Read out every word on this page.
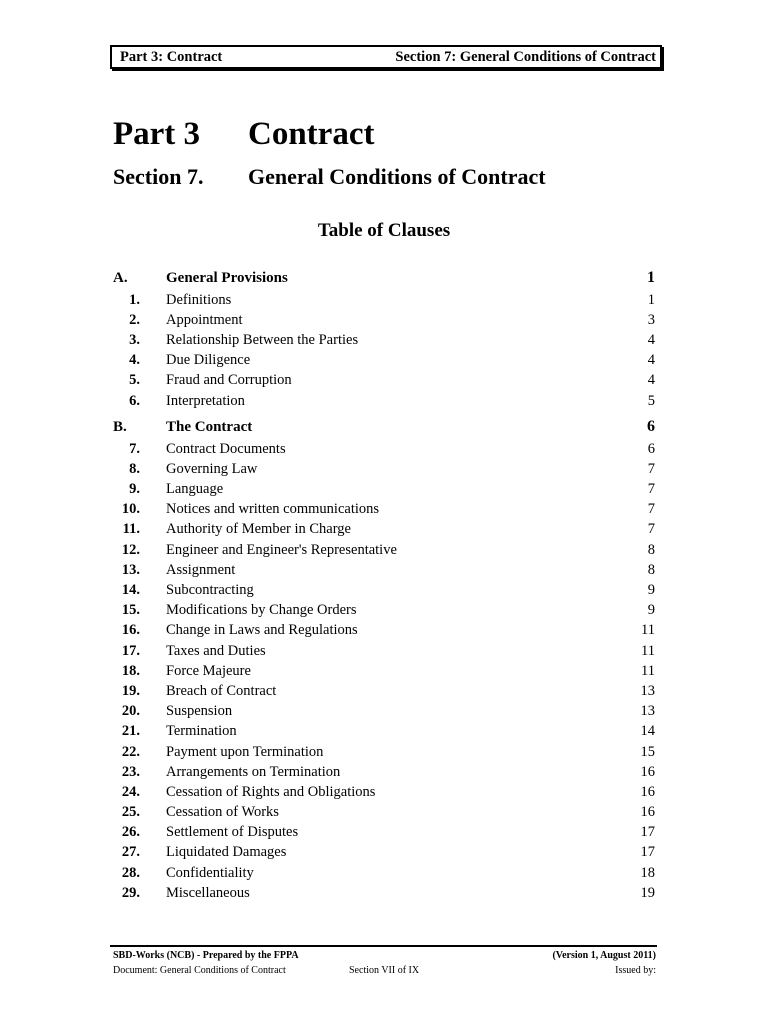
Part 3: Contract	Section 7: General Conditions of Contract
Part 3	Contract
Section 7.	General Conditions of Contract
Table of Clauses
A.	General Provisions	1
1.	Definitions	1
2.	Appointment	3
3.	Relationship Between the Parties	4
4.	Due Diligence	4
5.	Fraud and Corruption	4
6.	Interpretation	5
B.	The Contract	6
7.	Contract Documents	6
8.	Governing Law	7
9.	Language	7
10.	Notices and written communications	7
11.	Authority of Member in Charge	7
12.	Engineer and Engineer's Representative	8
13.	Assignment	8
14.	Subcontracting	9
15.	Modifications by Change Orders	9
16.	Change in Laws and Regulations	11
17.	Taxes and Duties	11
18.	Force Majeure	11
19.	Breach of Contract	13
20.	Suspension	13
21.	Termination	14
22.	Payment upon Termination	15
23.	Arrangements on Termination	16
24.	Cessation of Rights and Obligations	16
25.	Cessation of Works	16
26.	Settlement of Disputes	17
27.	Liquidated Damages	17
28.	Confidentiality	18
29.	Miscellaneous	19
SBD-Works (NCB) - Prepared by the FPPA	(Version 1, August 2011)
Document: General Conditions of Contract	Section VII of IX	Issued by:
